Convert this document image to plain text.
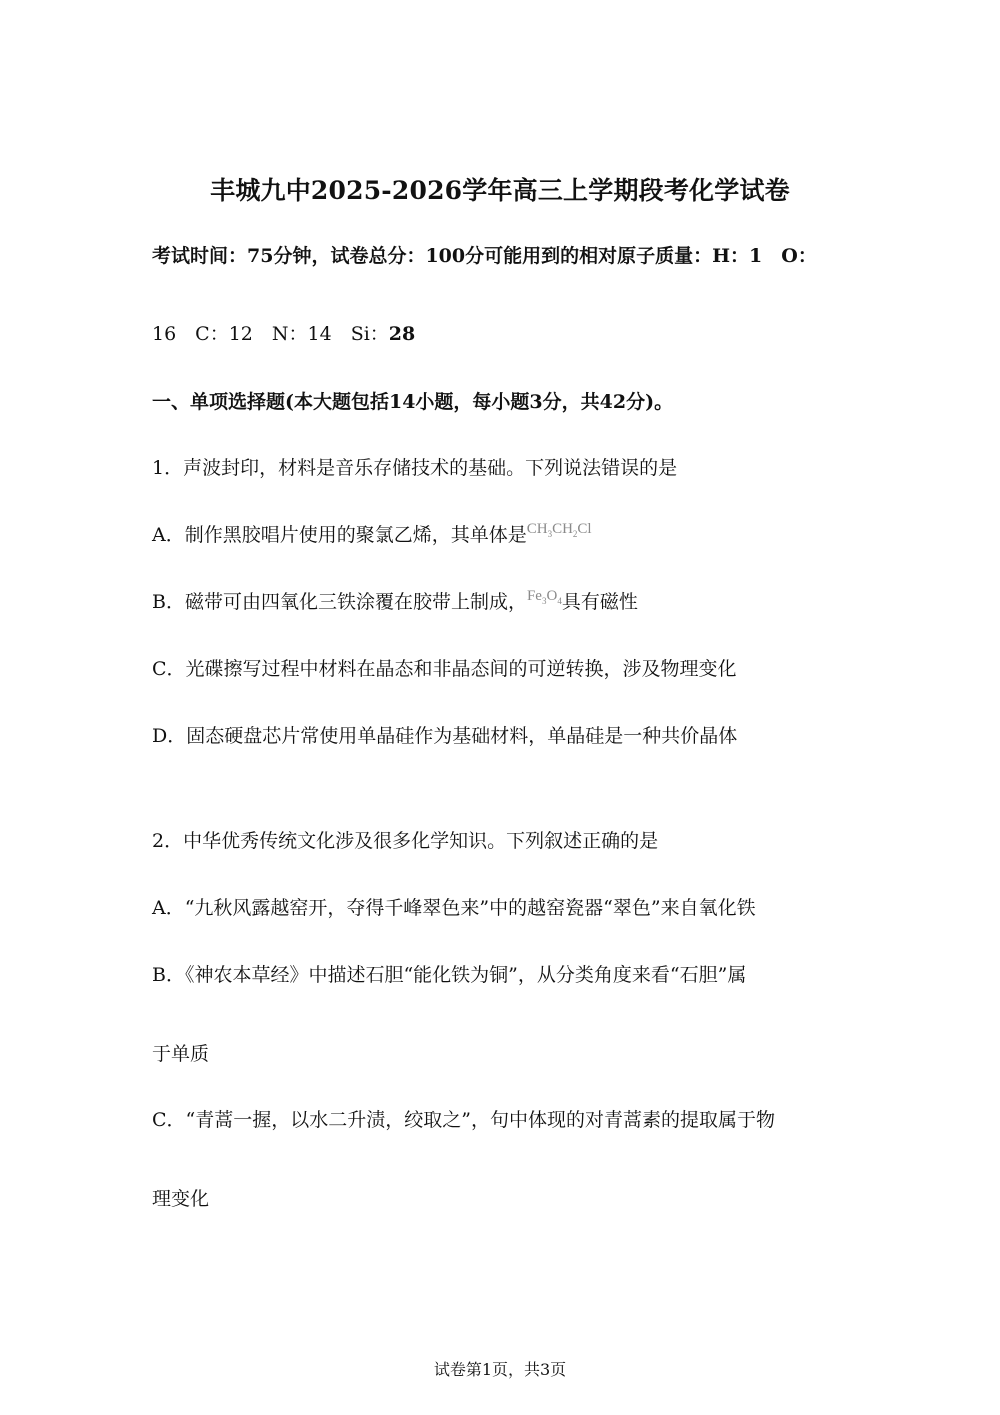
丰城九中2025-2026学年高三上学期段考化学试卷
考试时间：75分钟，试卷总分：100分可能用到的相对原子质量：H：1　O：
16　C：12　N：14　Si：28
一、单项选择题(本大题包括14小题，每小题3分，共42分)。
1．声波封印，材料是音乐存储技术的基础。下列说法错误的是
A．制作黑胶唱片使用的聚氯乙烯，其单体是$^{CH_3CH_2Cl}$
B．磁带可由四氧化三铁涂覆在胶带上制成，$^{Fe_3O_4}$具有磁性
C．光碟擦写过程中材料在晶态和非晶态间的可逆转换，涉及物理变化
D．固态硬盘芯片常使用单晶硅作为基础材料，单晶硅是一种共价晶体
2．中华优秀传统文化涉及很多化学知识。下列叙述正确的是
A．“九秋风露越窑开，夺得千峰翠色来”中的越窑瓷器“翠色”来自氧化铁
B．《神农本草经》中描述石胆“能化铁为铜”，从分类角度来看“石胆”属
于单质
C．“青蒿一握，以水二升渍，绞取之”，句中体现的对青蒿素的提取属于物
理变化
试卷第1页，共3页
